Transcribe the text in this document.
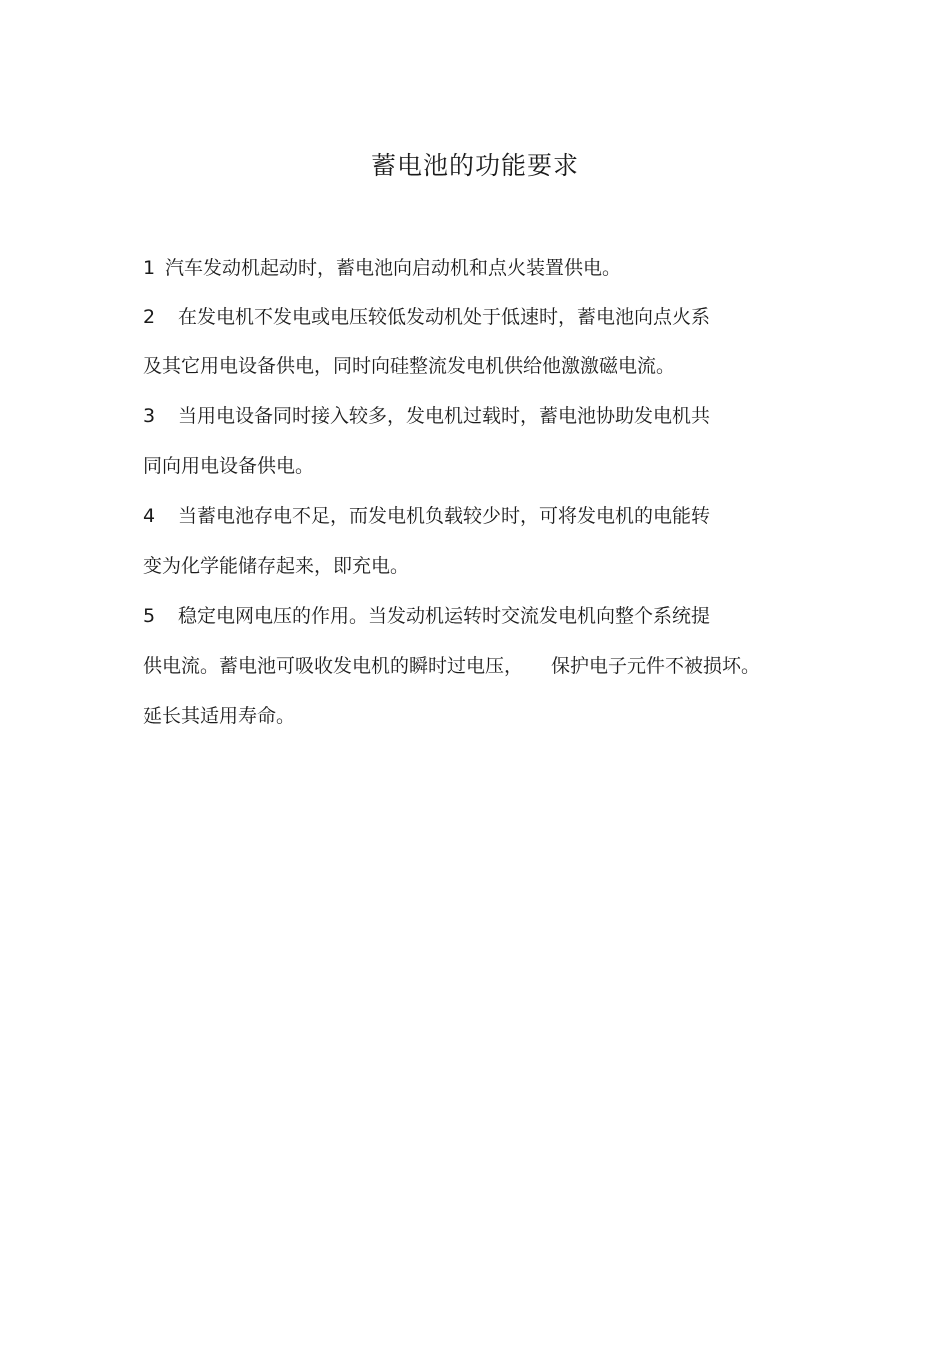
蓄电池的功能要求
1 汽车发动机起动时，蓄电池向启动机和点火装置供电。
2 在发电机不发电或电压较低发动机处于低速时，蓄电池向点火系
及其它用电设备供电，同时向硅整流发电机供给他激激磁电流。
3 当用电设备同时接入较多，发电机过载时，蓄电池协助发电机共
同向用电设备供电。
4 当蓄电池存电不足，而发电机负载较少时，可将发电机的电能转
变为化学能储存起来，即充电。
5 稳定电网电压的作用。当发动机运转时交流发电机向整个系统提
供电流。蓄电池可吸收发电机的瞬时过电压， 保护电子元件不被损坏。
延长其适用寿命。
